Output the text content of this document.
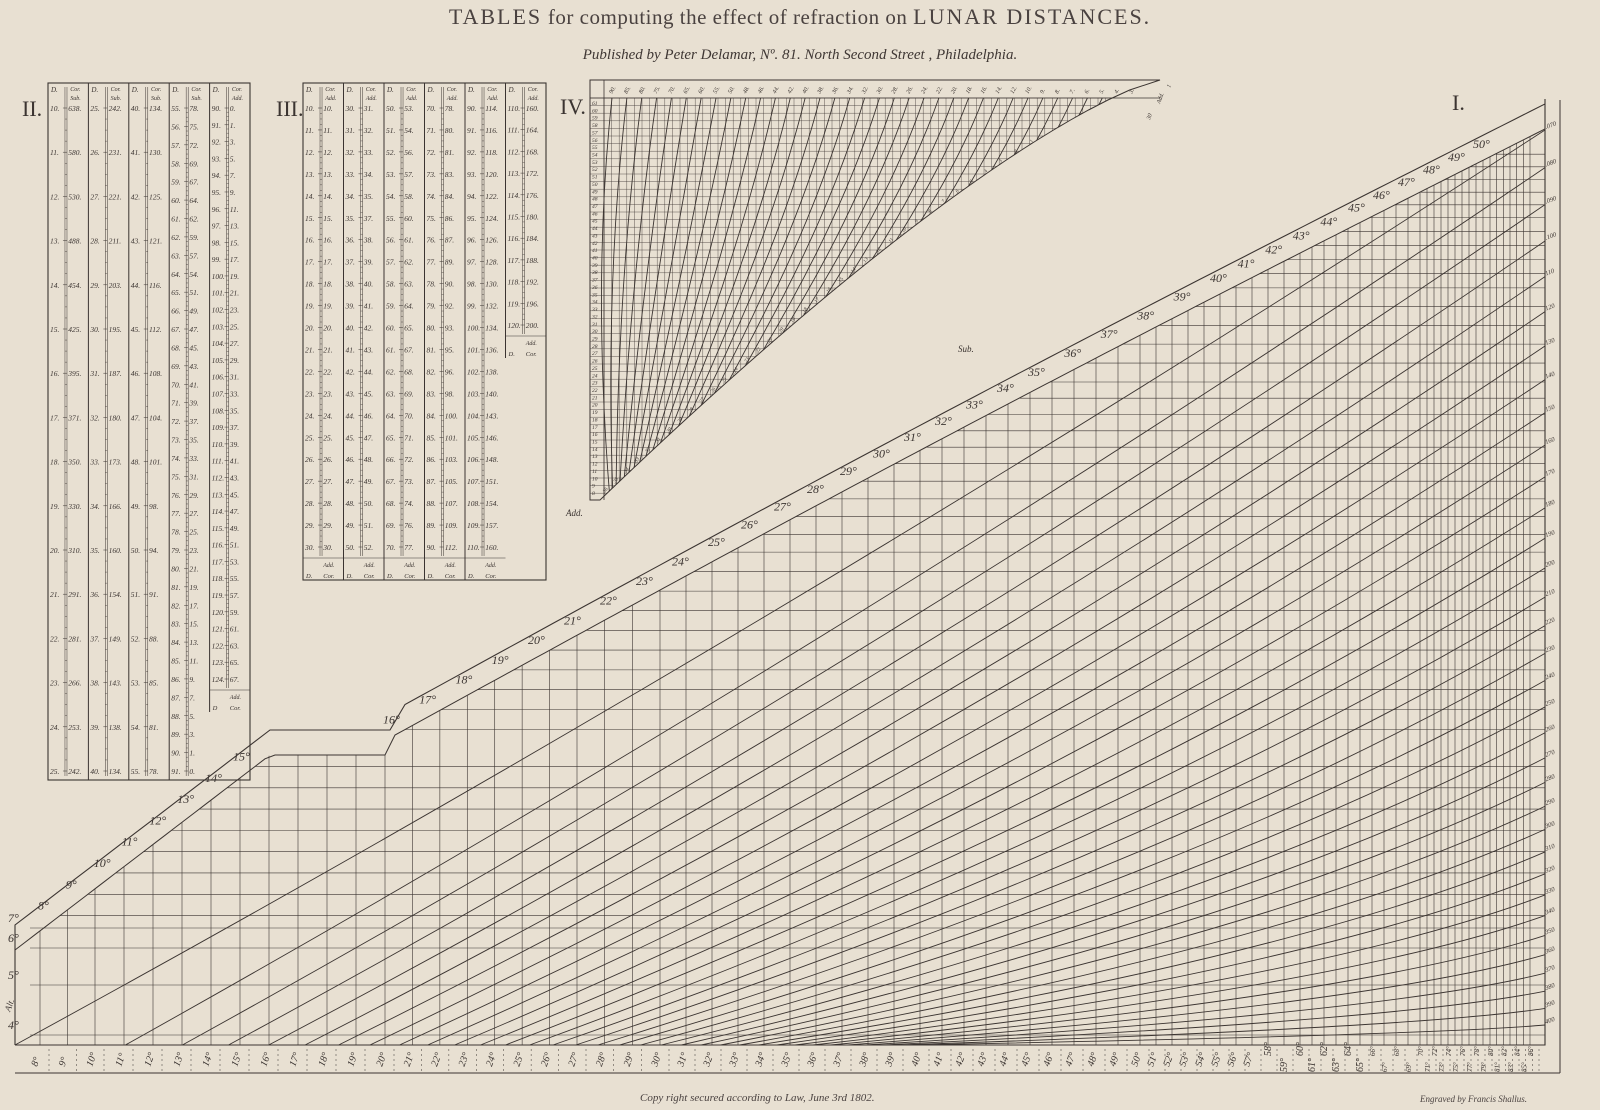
TABLES for computing the effect of refraction on LUNAR DISTANCES.
Published by Peter Delamar, Nº. 81. North Second Street , Philadelphia.
II.	III.	IV.	I.
Alt.
Add.
Sub.
D. Cor.
Sub.
10. 638.
11. 580.
12. 530.
13. 488.
14. 454.
15. 425.
16. 395.
17. 371.
18. 350.
19. 330.
20. 310.
21. 291.
22. 281.
23. 266.
24. 253.
25. 242.
D. Cor.
Sub.
25. 242.
26. 231.
27. 221.
28. 211.
29. 203.
30. 195.
31. 187.
32. 180.
33. 173.
34. 166.
35. 160.
36. 154.
37. 149.
38. 143.
39. 138.
40. 134.
D. Cor.
Sub.
40. 134.
41. 130.
42. 125.
43. 121.
44. 116.
45. 112.
46. 108.
47. 104.
48. 101.
49. 98.
50. 94.
51. 91.
52. 88.
53. 85.
54. 81.
55. 78.
D. Cor.
Sub.
55. 78.
56. 75.
57. 72.
58. 69.
59. 67.
60. 64.
61. 62.
62. 59.
63. 57.
64. 54.
65. 51.
66. 49.
67. 47.
68. 45.
69. 43.
70. 41.
71. 39.
72. 37.
73. 35.
74. 33.
75. 31.
76. 29.
77. 27.
78. 25.
79. 23.
80. 21.
81. 19.
82. 17.
83. 15.
84. 13.
85. 11.
86. 9.
87. 7.
88. 5.
89. 3.
90. 1.
91. 0.
D. Cor.
Add.
90. 0.
91. 1.
92. 3.
93. 5.
94. 7.
95. 9.
96. 11.
97. 13.
98. 15.
99. 17.
100. 19.
101. 21.
102. 23.
103. 25.
104. 27.
105. 29.
106. 31.
107. 33.
108. 35.
109. 37.
110. 39.
111. 41.
112. 43.
113. 45.
114. 47.
115. 49.
116. 51.
117. 53.
118. 55.
119. 57.
120. 59.
121. 61.
122. 63.
123. 65.
124. 67.
Add.
D Cor.
D. Cor.
Add.
10. 10.
11. 11.
12. 12.
13. 13.
14. 14.
15. 15.
16. 16.
17. 17.
18. 18.
19. 19.
20. 20.
21. 21.
22. 22.
23. 23.
24. 24.
25. 25.
26. 26.
27. 27.
28. 28.
29. 29.
30. 30.
Add.
D. Cor.
D. Cor.
Add.
30. 31.
31. 32.
32. 33.
33. 34.
34. 35.
35. 37.
36. 38.
37. 39.
38. 40.
39. 41.
40. 42.
41. 43.
42. 44.
43. 45.
44. 46.
45. 47.
46. 48.
47. 49.
48. 50.
49. 51.
50. 52.
Add.
D. Cor.
D. Cor.
Add.
50. 53.
51. 54.
52. 56.
53. 57.
54. 58.
55. 60.
56. 61.
57. 62.
58. 63.
59. 64.
60. 65.
61. 67.
62. 68.
63. 69.
64. 70.
65. 71.
66. 72.
67. 73.
68. 74.
69. 76.
70. 77.
Add.
D. Cor.
D. Cor.
Add.
70. 78.
71. 80.
72. 81.
73. 83.
74. 84.
75. 86.
76. 87.
77. 89.
78. 90.
79. 92.
80. 93.
81. 95.
82. 96.
83. 98.
84. 100.
85. 101.
86. 103.
87. 105.
88. 107.
89. 109.
90. 112.
Add.
D. Cor.
D. Cor.
Add.
90. 114.
91. 116.
92. 118.
93. 120.
94. 122.
95. 124.
96. 126.
97. 128.
98. 130.
99. 132.
100. 134.
101. 136.
102. 138.
103. 140.
104. 143.
105. 146.
106. 148.
107. 151.
108. 154.
109. 157.
110. 160.
Add.
D. Cor.
D. Cor.
Add.
110. 160.
111. 164.
112. 168.
113. 172.
114. 176.
115. 180.
116. 184.
117. 188.
118. 192.
119. 196.
120. 200.
Add.
D. Cor.
90. 85. 80. 75. 70. 65. 60. 55. 50. 48. 46. 44. 42. 40. 38. 36. 34. 32. 30. 28. 26. 24. 22. 20. 18. 16. 14. 12. 10. 9. 8. 7. 6. 5. 4. 3.
61
60
59
58
57
56
55
54
53
52
51
50
49
48
47
46
45
44
43
42
41
40
39
38
37
36
35
34
33
32
31
30
29
28
27
26
25
24
23
22
21
20
19
18
17
16
15
14
13
12
11
10
9
8
30
Add.
1
.1
.2
.3
.4
.5
.6
.7
.8
.9
.10
.11
.12
.13
.14
.15
.16
.17
.18
.19
.20
.21
.22
.23
.24
.25
.26
.27
.28
.29
.30
.31
.32
.33
.34
.35
.36
8° 9° 10° 11° 12° 13° 14° 15° 16° 17° 18° 19° 20° 21° 22° 23° 24° 25° 26° 27° 28° 29° 30° 31° 32° 33° 34° 35° 36° 37° 38° 39° 40° 41° 42° 43° 44° 45° 46° 47° 48° 49° 50° 51° 52° 53° 54° 55° 56° 57°
58°
59°
60°
61°
62°
63°
64°
65°
66°
67°
68°
69°
70°
71°
72°
73°
74°
75°
76°
77°
78°
79°
80°
81°
82°
83°
84°
85°
86°
4°
5°
6°
7°
8°
9°
10°
11°
12°
13°
14°
15°
16°
17°
18°
19°
20°
21°
22°
23°
24°
25°
26°
27°
28°
29°
30°
31°
32°
33°
34°
35°
36°
37°
38°
39°
40°
41°
42°
43°
44°
45°
46°
47°
48°
49°
50°
.070
.080
.090
.100
110
120
130
140
150
160
170
180
190
200
210
220
230
240
250
260
270
280
290
300
310
320
330
340
350
360
370
380
390
400
Copy right secured according to Law, June 3rd 1802.	Engraved by Francis Shallus.
